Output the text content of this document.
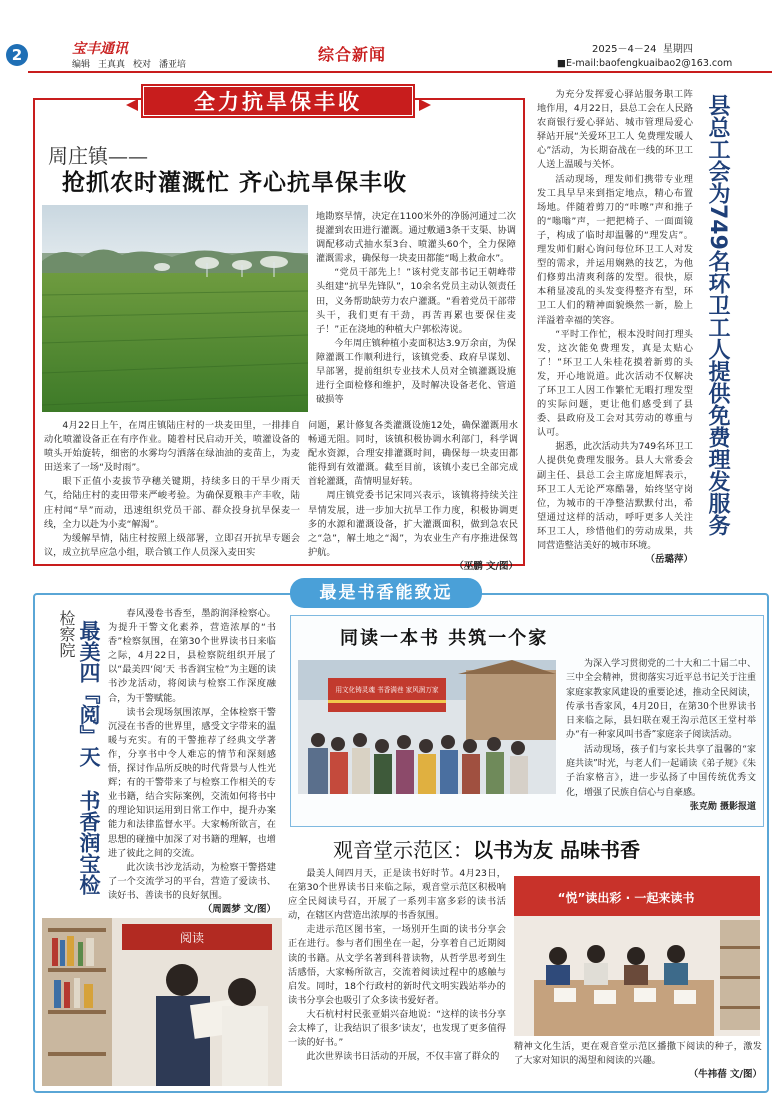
2	宝丰通讯
编辑 王真真 校对 潘亚培
综合新闻	2025－4－24 星期四
■E-mail:baofengkuaibao2@163.com
全力抗旱保丰收
周庄镇——
抢抓农时灌溉忙 齐心抗旱保丰收

地勘察旱情，决定在1100米外的净肠河通过二次提灌到农田进行灌溉。通过敷通3条干支渠、协调调配移动式抽水泵3台、喷灌头60个，全力保障灌溉需求，确保每一块麦田都能“喝上救命水”。

“党员干部先上！”该村党支部书记王朝峰带头组建“抗旱先锋队”，10余名党员主动认领责任田，义务帮助缺劳力农户灌溉。“看着党员干部带头干，我们更有干劲，再苦再累也要保住麦子！”正在浇地的种植大户郭松涛说。

今年周庄镇种植小麦面积达3.9万余亩，为保障灌溉工作顺利进行，该镇党委、政府早谋划、早部署，提前组织专业技术人员对全镇灌溉设施进行全面检修和维护，及时解决设备老化、管道破损等

4月22日上午，在周庄镇陆庄村的一块麦田里，一排排自动化喷灌设备正在有序作业。随着村民启动开关，喷灌设备的喷头开始旋转，细密的水雾均匀洒落在绿油油的麦苗上，为麦田送来了一场“及时雨”。

眼下正值小麦拔节孕穗关键期，持续多日的干旱少雨天气，给陆庄村的麦田带来严峻考验。为确保夏粮丰产丰收，陆庄村闻“旱”而动，迅速组织党员干部、群众投身抗旱保麦一线，全力以赴为小麦“解渴”。

为缓解旱情，陆庄村按照上级部署，立即召开抗旱专题会议，成立抗旱应急小组，联合镇工作人员深入麦田实

问题，累计修复各类灌溉设施12处，确保灌溉用水畅通无阻。同时，该镇积极协调水利部门，科学调配水资源，合理安排灌溉时间，确保每一块麦田都能得到有效灌溉。截至目前，该镇小麦已全部完成首轮灌溉，苗情明显好转。

周庄镇党委书记宋同兴表示，该镇将持续关注旱情发展，进一步加大抗旱工作力度，积极协调更多的水源和灌溉设备，扩大灌溉面积，做到急农民之“急”，解土地之“渴”，为农业生产有序推进保驾护航。

（巫鹏 文/图）

为充分发挥爱心驿站服务职工阵地作用，4月22日，县总工会在人民路农商银行爱心驿站、城市管理局爱心驿站开展“关爱环卫工人 免费理发暖人心”活动，为长期奋战在一线的环卫工人送上温暖与关怀。

活动现场，理发师们携带专业理发工具早早来到指定地点，精心布置场地。伴随着剪刀的“咔嚓”声和推子的“嗡嗡”声，一把把椅子、一面面镜子，构成了临时却温馨的“理发店”。理发师们耐心询问每位环卫工人对发型的需求，并运用娴熟的技艺，为他们修剪出清爽利落的发型。很快，原本稍显凌乱的头发变得整齐有型，环卫工人们的精神面貌焕然一新，脸上洋溢着幸福的笑容。

“平时工作忙，根本没时间打理头发，这次能免费理发，真是太贴心了！”环卫工人朱桂花摸着新剪的头发，开心地说道。此次活动不仅解决了环卫工人因工作繁忙无暇打理发型的实际问题，更让他们感受到了县委、县政府及工会对其劳动的尊重与认可。

据悉，此次活动共为749名环卫工人提供免费理发服务。县人大常委会副主任、县总工会主席庞旭辉表示，环卫工人无论严寒酷暑，始终坚守岗位，为城市的干净整洁默默付出，希望通过这样的活动，呼吁更多人关注环卫工人，珍惜他们的劳动成果，共同营造整洁美好的城市环境。

（岳璐萍）
县总工会为749名环卫工人提供免费理发服务
最是书香能致远
检察院 最美四『阅』天
书香润宝检

春风漫卷书香至，墨韵润泽检察心。为提升干警文化素养，营造浓厚的“书香”检察氛围，在第30个世界读书日来临之际，4月22日，县检察院组织开展了以“最美四‘阅’天 书香润宝检”为主题的读书沙龙活动，将阅读与检察工作深度融合，为干警赋能。

读书会现场氛围浓厚，全体检察干警沉浸在书香的世界里，感受文字带来的温暖与充实。有的干警推荐了经典文学著作，分享书中令人难忘的情节和深刻感悟，探讨作品所反映的时代背景与人性光辉；有的干警带来了与检察工作相关的专业书籍，结合实际案例，交流如何将书中的理论知识运用到日常工作中，提升办案能力和法律监督水平。大家畅所欲言，在思想的碰撞中加深了对书籍的理解，也增进了彼此之间的交流。

此次读书沙龙活动，为检察干警搭建了一个交流学习的平台，营造了爱读书、读好书、善读书的良好氛围。

（周圆梦 文/图）
阅读
同读一本书 共筑一个家
用文化铸灵魂 书香满巷 家风润万家

为深入学习贯彻党的二十大和二十届二中、三中全会精神，贯彻落实习近平总书记关于注重家庭家教家风建设的重要论述，推动全民阅读，传承书香家风，4月20日，在第30个世界读书日来临之际，县妇联在观王沟示范区王堂村举办“有一种家风叫书香”家庭亲子阅读活动。

活动现场，孩子们与家长共享了温馨的“家庭共读”时光，与老人们一起诵读《弟子规》《朱子治家格言》，进一步弘扬了中国传统优秀文化，增强了民族自信心与自豪感。

张克勋 摄影报道
观音堂示范区：以书为友 品味书香

最美人间四月天，正是读书好时节。4月23日，在第30个世界读书日来临之际，观音堂示范区积极响应全民阅读号召，开展了一系列丰富多彩的读书活动，在辖区内营造出浓厚的书香氛围。

走进示范区图书室，一场别开生面的读书分享会正在进行。参与者们围坐在一起，分享着自己近期阅读的书籍。从文学名著到科普读物，从哲学思考到生活感悟，大家畅所欲言，交流着阅读过程中的感触与启发。同时，18个行政村的新时代文明实践站举办的读书分享会也吸引了众多读书爱好者。

大石杭村村民张亚娟兴奋地说：“这样的读书分享会太棒了，让我结识了很多‘读友’，也发现了更多值得一读的好书。”

此次世界读书日活动的开展，不仅丰富了群众的

“悦”读出彩 · 一起来读书

精神文化生活，更在观音堂示范区播撒下阅读的种子，激发了大家对知识的渴望和阅读的兴趣。

（牛祎蓓 文/图）
